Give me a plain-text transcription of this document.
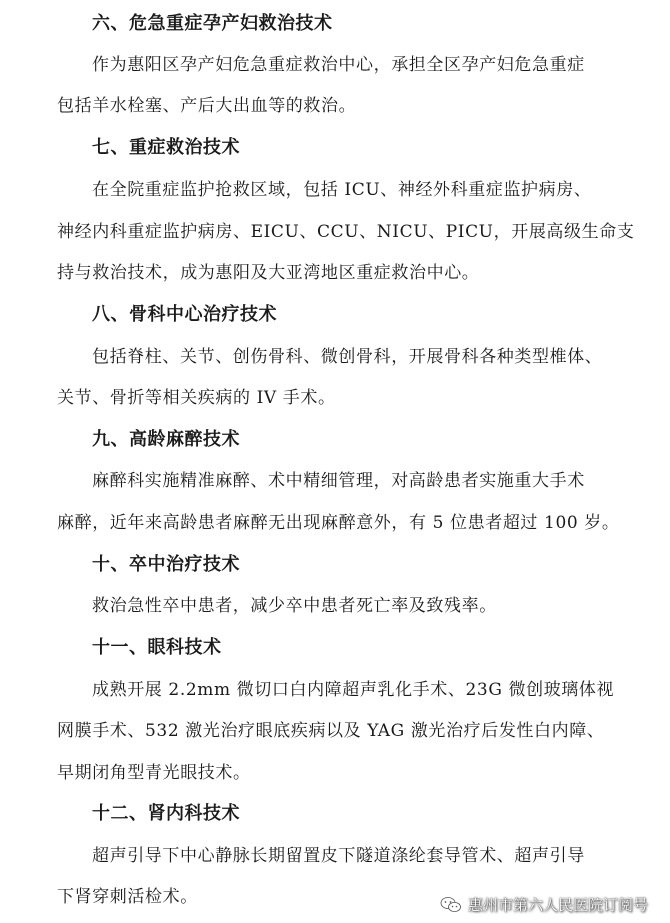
六、危急重症孕产妇救治技术
作为惠阳区孕产妇危急重症救治中心，承担全区孕产妇危急重症
包括羊水栓塞、产后大出血等的救治。
七、重症救治技术
在全院重症监护抢救区域，包括 ICU、神经外科重症监护病房、
神经内科重症监护病房、EICU、CCU、NICU、PICU，开展高级生命支
持与救治技术，成为惠阳及大亚湾地区重症救治中心。
八、骨科中心治疗技术
包括脊柱、关节、创伤骨科、微创骨科，开展骨科各种类型椎体、
关节、骨折等相关疾病的 IV 手术。
九、高龄麻醉技术
麻醉科实施精准麻醉、术中精细管理，对高龄患者实施重大手术
麻醉，近年来高龄患者麻醉无出现麻醉意外，有 5 位患者超过 100 岁。
十、卒中治疗技术
救治急性卒中患者，减少卒中患者死亡率及致残率。
十一、眼科技术
成熟开展 2.2mm 微切口白内障超声乳化手术、23G 微创玻璃体视
网膜手术、532 激光治疗眼底疾病以及 YAG 激光治疗后发性白内障、
早期闭角型青光眼技术。
十二、肾内科技术
超声引导下中心静脉长期留置皮下隧道涤纶套导管术、超声引导
下肾穿刺活检术。	惠州市第六人民医院订阅号
